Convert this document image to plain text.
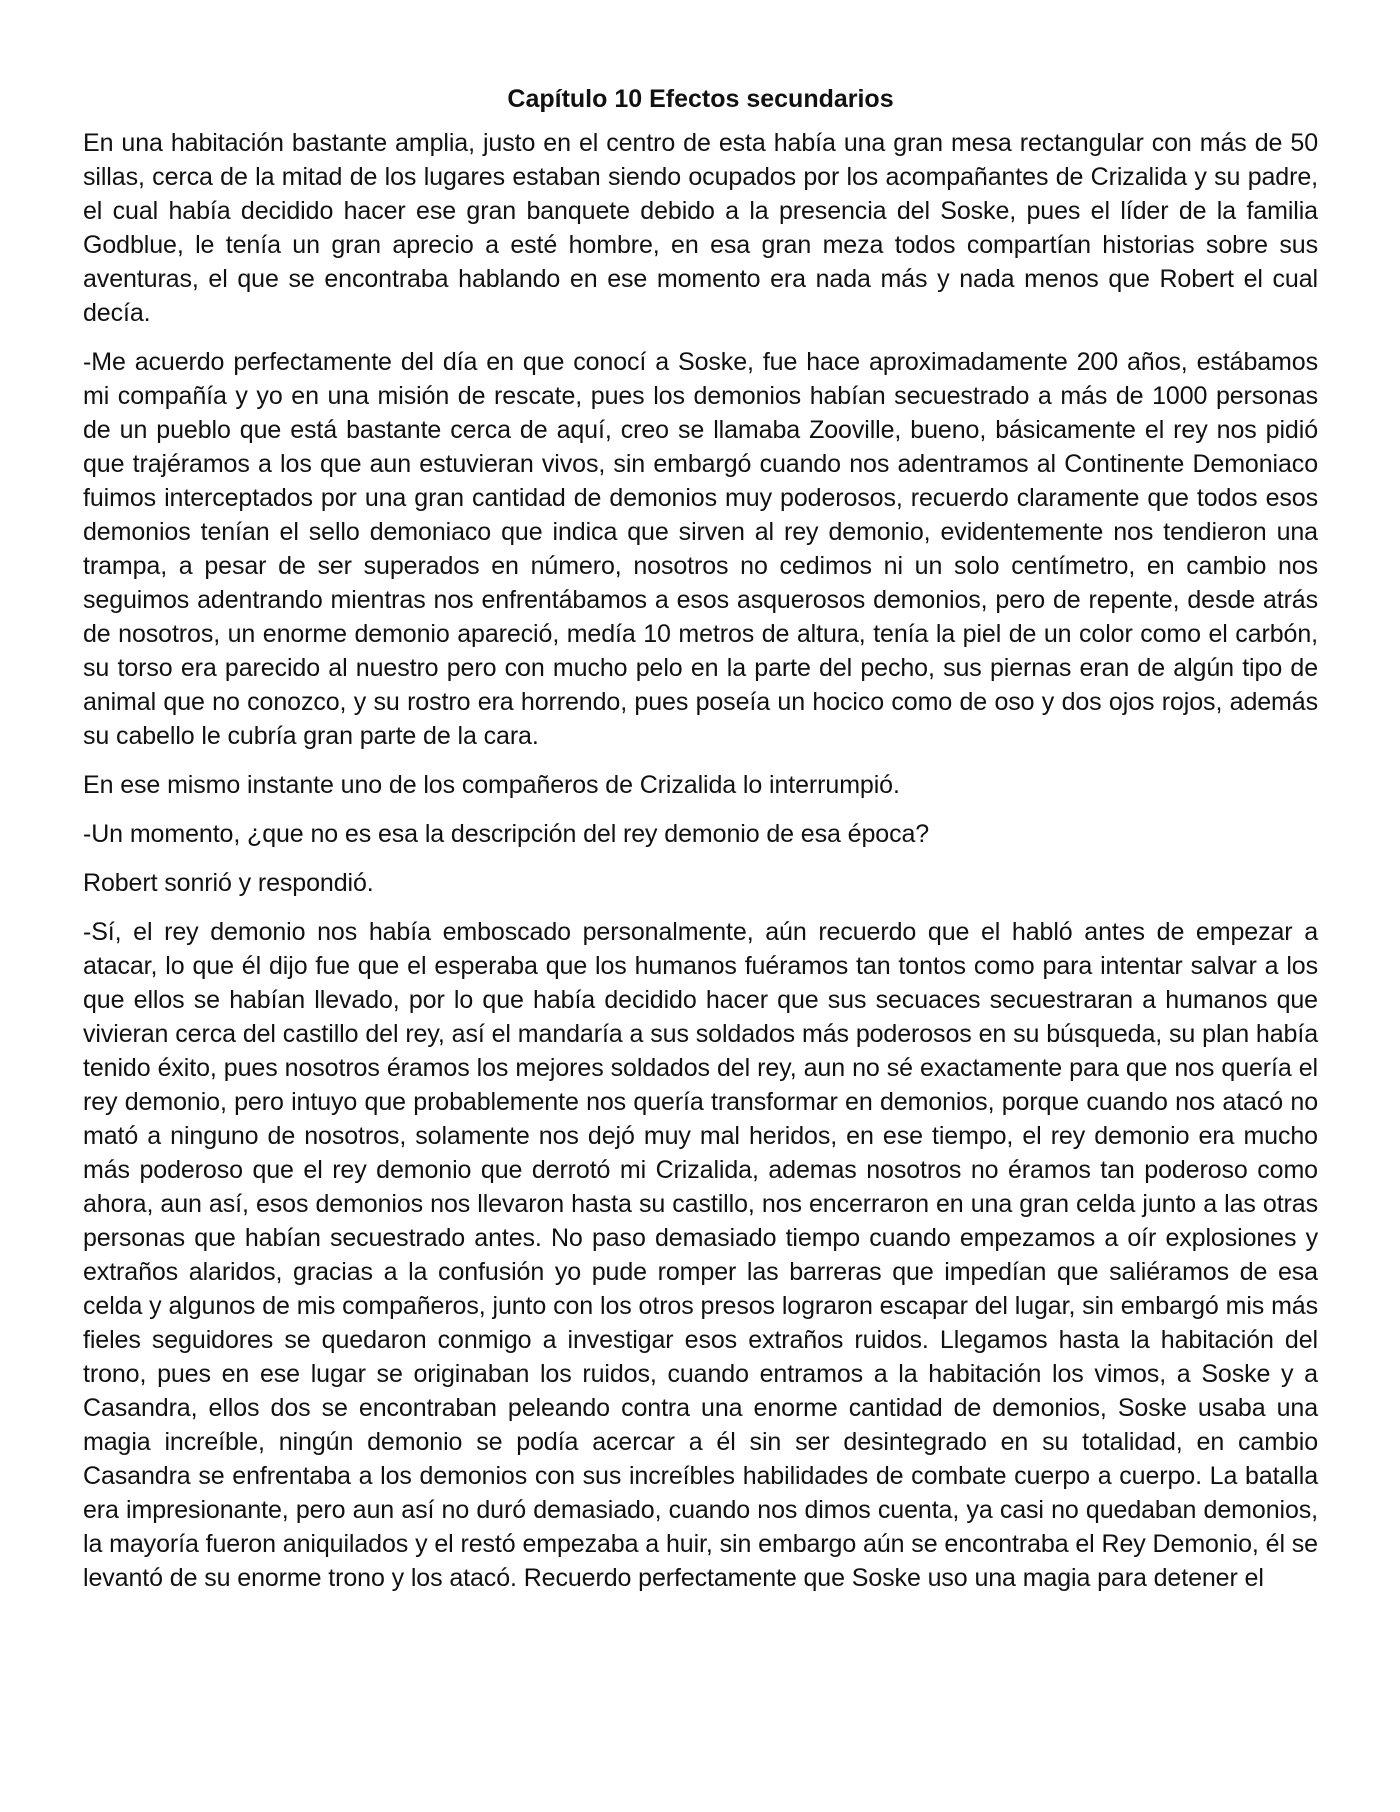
Capítulo 10 Efectos secundarios

En una habitación bastante amplia, justo en el centro de esta había una gran mesa rectangular con más de 50 sillas, cerca de la mitad de los lugares estaban siendo ocupados por los acompañantes de Crizalida y su padre, el cual había decidido hacer ese gran banquete debido a la presencia del Soske, pues el líder de la familia Godblue, le tenía un gran aprecio a esté hombre, en esa gran meza todos compartían historias sobre sus aventuras, el que se encontraba hablando en ese momento era nada más y nada menos que Robert el cual decía.

-Me acuerdo perfectamente del día en que conocí a Soske, fue hace aproximadamente 200 años, estábamos mi compañía y yo en una misión de rescate, pues los demonios habían secuestrado a más de 1000 personas de un pueblo que está bastante cerca de aquí, creo se llamaba Zooville, bueno, básicamente el rey nos pidió que trajéramos a los que aun estuvieran vivos, sin embargó cuando nos adentramos al Continente Demoniaco fuimos interceptados por una gran cantidad de demonios muy poderosos, recuerdo claramente que todos esos demonios tenían el sello demoniaco que indica que sirven al rey demonio, evidentemente nos tendieron una trampa, a pesar de ser superados en número, nosotros no cedimos ni un solo centímetro, en cambio nos seguimos adentrando mientras nos enfrentábamos a esos asquerosos demonios, pero de repente, desde atrás de nosotros, un enorme demonio apareció, medía 10 metros de altura, tenía la piel de un color como el carbón, su torso era parecido al nuestro pero con mucho pelo en la parte del pecho, sus piernas eran de algún tipo de animal que no conozco, y su rostro era horrendo, pues poseía un hocico como de oso y dos ojos rojos, además su cabello le cubría gran parte de la cara.

En ese mismo instante uno de los compañeros de Crizalida lo interrumpió.

-Un momento, ¿que no es esa la descripción del rey demonio de esa época?

Robert sonrió y respondió.

-Sí, el rey demonio nos había emboscado personalmente, aún recuerdo que el habló antes de empezar a atacar, lo que él dijo fue que el esperaba que los humanos fuéramos tan tontos como para intentar salvar a los que ellos se habían llevado, por lo que había decidido hacer que sus secuaces secuestraran a humanos que vivieran cerca del castillo del rey, así el mandaría a sus soldados más poderosos en su búsqueda, su plan había tenido éxito, pues nosotros éramos los mejores soldados del rey, aun no sé exactamente para que nos quería el rey demonio, pero intuyo que probablemente nos quería transformar en demonios, porque cuando nos atacó no mató a ninguno de nosotros, solamente nos dejó muy mal heridos, en ese tiempo, el rey demonio era mucho más poderoso que el rey demonio que derrotó mi Crizalida, ademas nosotros no éramos tan poderoso como ahora, aun así, esos demonios nos llevaron hasta su castillo, nos encerraron en una gran celda junto a las otras personas que habían secuestrado antes. No paso demasiado tiempo cuando empezamos a oír explosiones y extraños alaridos, gracias a la confusión yo pude romper las barreras que impedían que saliéramos de esa celda y algunos de mis compañeros, junto con los otros presos lograron escapar del lugar, sin embargó mis más fieles seguidores se quedaron conmigo a investigar esos extraños ruidos. Llegamos hasta la habitación del trono, pues en ese lugar se originaban los ruidos, cuando entramos a la habitación los vimos, a Soske y a Casandra, ellos dos se encontraban peleando contra una enorme cantidad de demonios, Soske usaba una magia increíble, ningún demonio se podía acercar a él sin ser desintegrado en su totalidad, en cambio Casandra se enfrentaba a los demonios con sus increíbles habilidades de combate cuerpo a cuerpo. La batalla era impresionante, pero aun así no duró demasiado, cuando nos dimos cuenta, ya casi no quedaban demonios, la mayoría fueron aniquilados y el restó empezaba a huir, sin embargo aún se encontraba el Rey Demonio, él se levantó de su enorme trono y los atacó. Recuerdo perfectamente que Soske uso una magia para detener el
